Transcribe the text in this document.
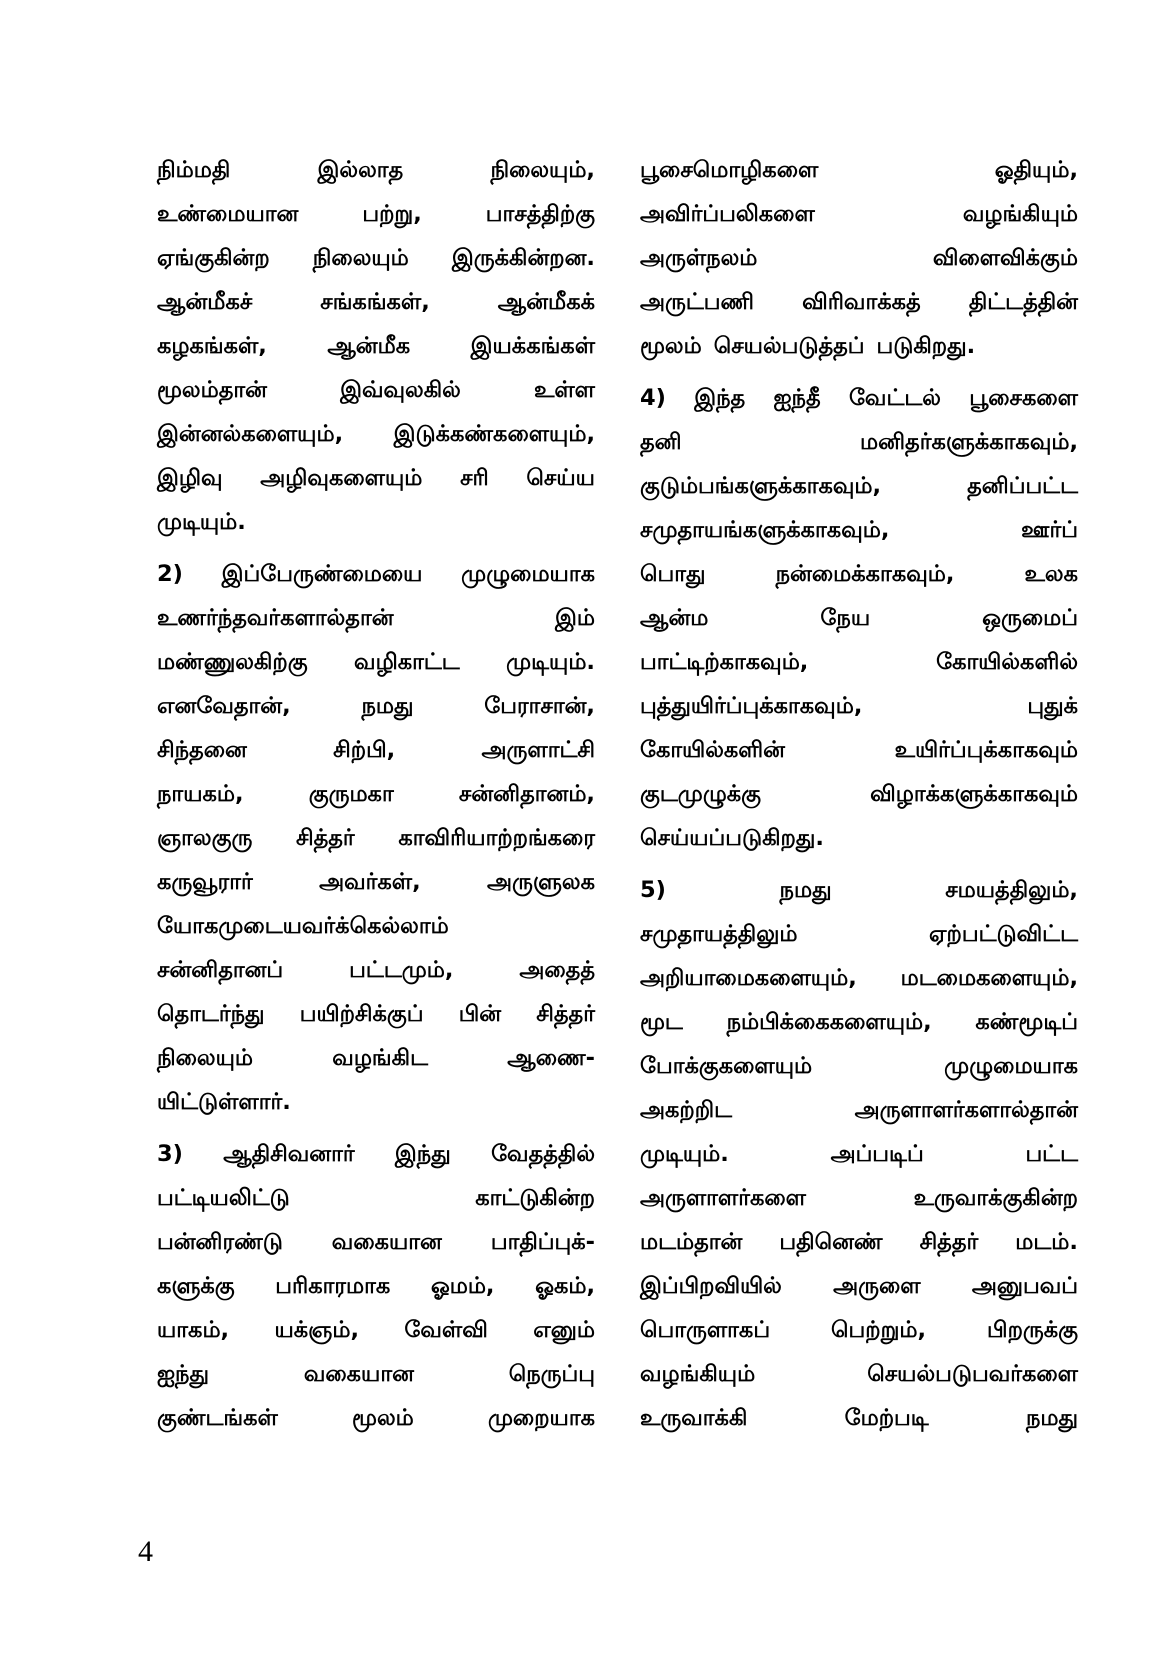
நிம்மதி	இல்லாத	நிலையும்,
உண்மையான	பற்று,	பாசத்திற்கு
ஏங்குகின்ற நிலையும் இருக்கின்றன.
ஆன்மீகச்	சங்கங்கள்,	ஆன்மீகக்
கழகங்கள்,	ஆன்மீக	இயக்கங்கள்
மூலம்தான்	இவ்வுலகில்	உள்ள
இன்னல்களையும், இடுக்கண்களையும்,
இழிவு அழிவுகளையும் சரி செய்ய
முடியும்.
2) இப்பேருண்மையை முழுமையாக
உணர்ந்தவர்களால்தான்	இம்
மண்ணுலகிற்கு வழிகாட்ட முடியும்.
எனவேதான்,	நமது	பேராசான்,
சிந்தனை	சிற்பி,	அருளாட்சி
நாயகம்,	குருமகா	சன்னிதானம்,
ஞாலகுரு சித்தர் காவிரியாற்றங்கரை
கருவூரார்	அவர்கள்,	அருளுலக
யோகமுடையவர்க்கெல்லாம்
சன்னிதானப்	பட்டமும்,	அதைத்
தொடர்ந்து பயிற்சிக்குப் பின் சித்தர்
நிலையும்	வழங்கிட	ஆணை-
யிட்டுள்ளார்.
3) ஆதிசிவனார் இந்து வேதத்தில்
பட்டியலிட்டு	காட்டுகின்ற
பன்னிரண்டு வகையான பாதிப்புக்-
களுக்கு பரிகாரமாக ஓமம், ஓகம்,
யாகம், யக்ஞம், வேள்வி எனும்
ஐந்து	வகையான	நெருப்பு
குண்டங்கள்	மூலம்	முறையாக
பூசைமொழிகளை	ஓதியும்,
அவிர்ப்பலிகளை	வழங்கியும்
அருள்நலம்	விளைவிக்கும்
அருட்பணி விரிவாக்கத் திட்டத்தின்
மூலம் செயல்படுத்தப் படுகிறது.
4) இந்த ஐந்தீ வேட்டல் பூசைகளை
தனி	மனிதர்களுக்காகவும்,
குடும்பங்களுக்காகவும்,	தனிப்பட்ட
சமுதாயங்களுக்காகவும்,	ஊர்ப்
பொது	நன்மைக்காகவும்,	உலக
ஆன்ம	நேய	ஒருமைப்
பாட்டிற்காகவும்,	கோயில்களில்
புத்துயிர்ப்புக்காகவும்,	புதுக்
கோயில்களின்	உயிர்ப்புக்காகவும்
குடமுழுக்கு	விழாக்களுக்காகவும்
செய்யப்படுகிறது.
5)	நமது	சமயத்திலும்,
சமுதாயத்திலும்	ஏற்பட்டுவிட்ட
அறியாமைகளையும், மடமைகளையும்,
மூட நம்பிக்கைகளையும், கண்மூடிப்
போக்குகளையும்	முழுமையாக
அகற்றிட	அருளாளர்களால்தான்
முடியும்.	அப்படிப்	பட்ட
அருளாளர்களை	உருவாக்குகின்ற
மடம்தான் பதினெண் சித்தர் மடம்.
இப்பிறவியில் அருளை அனுபவப்
பொருளாகப்	பெற்றும்,	பிறருக்கு
வழங்கியும்	செயல்படுபவர்களை
உருவாக்கி	மேற்படி	நமது
4
